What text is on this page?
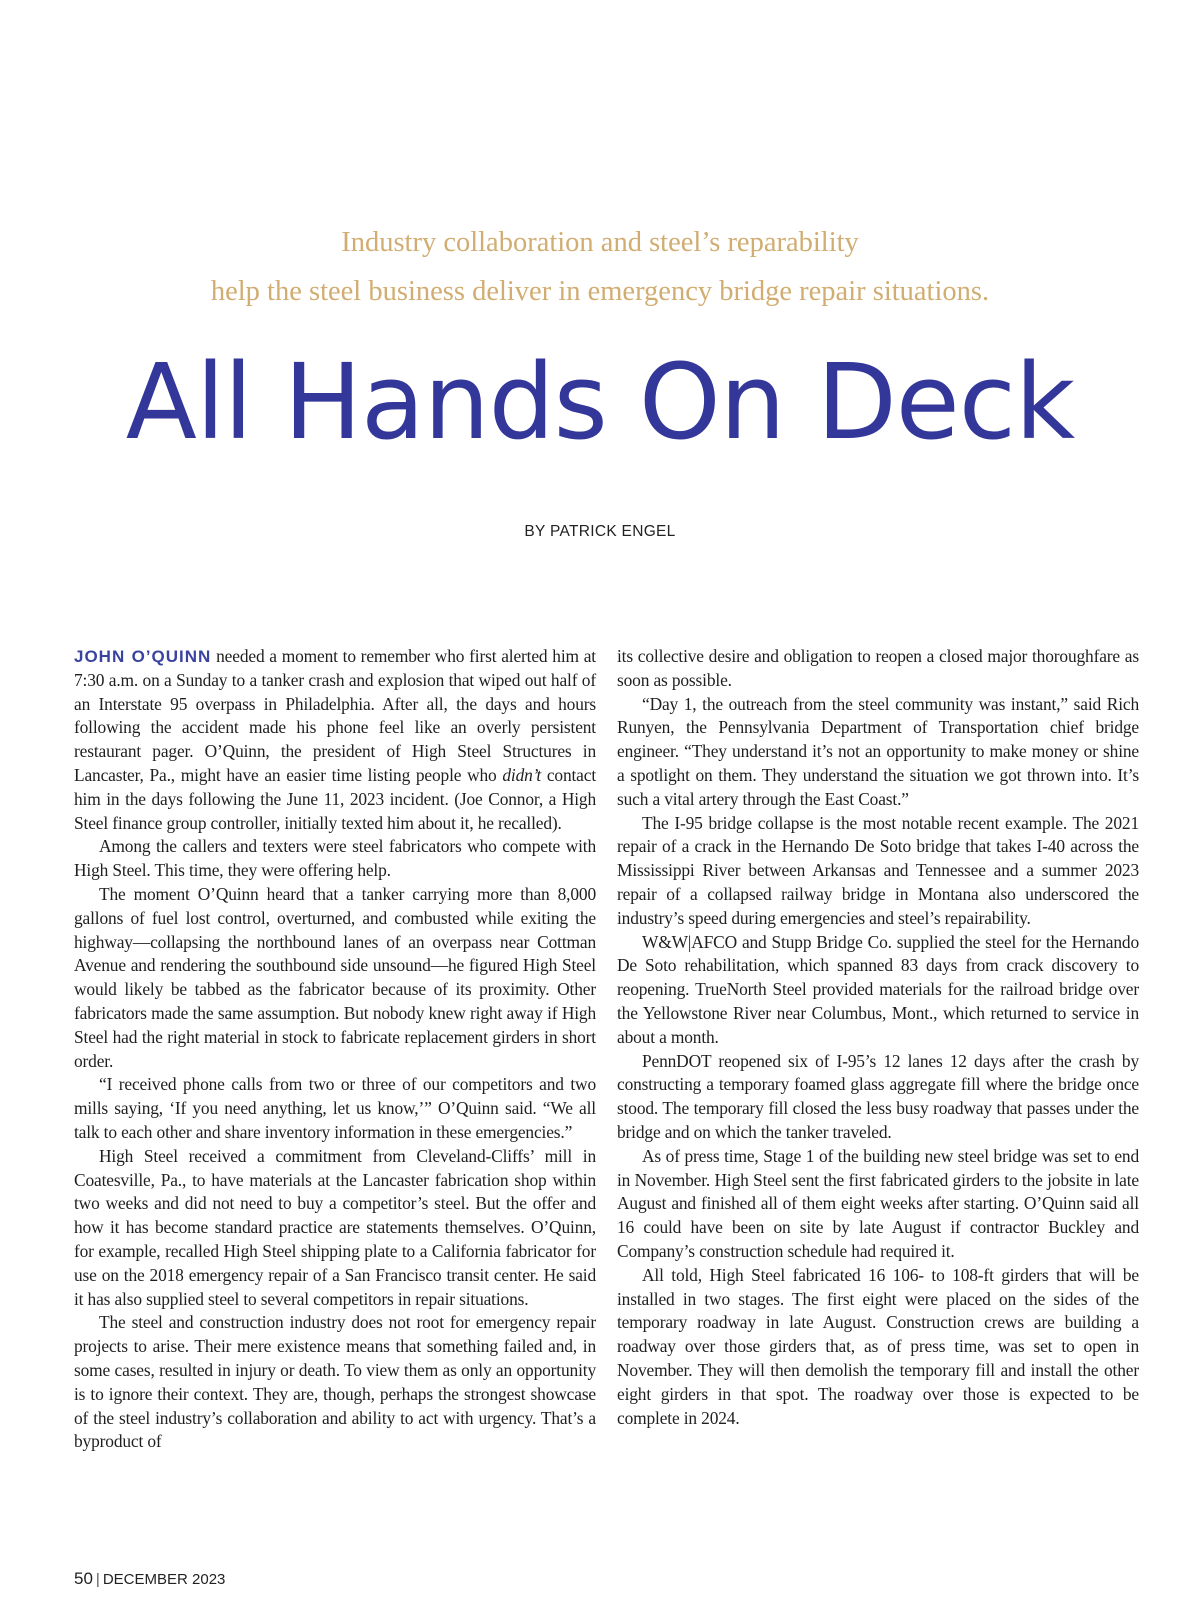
Industry collaboration and steel’s reparability
help the steel business deliver in emergency bridge repair situations.
All Hands On Deck
BY PATRICK ENGEL

JOHN O’QUINN needed a moment to remember who first alerted him at 7:30 a.m. on a Sunday to a tanker crash and explosion that wiped out half of an Interstate 95 overpass in Philadelphia. After all, the days and hours following the accident made his phone feel like an overly persistent restaurant pager. O’Quinn, the president of High Steel Structures in Lancaster, Pa., might have an easier time listing people who didn’t contact him in the days following the June 11, 2023 incident. (Joe Connor, a High Steel finance group controller, initially texted him about it, he recalled).

Among the callers and texters were steel fabricators who compete with High Steel. This time, they were offering help.

The moment O’Quinn heard that a tanker carrying more than 8,000 gallons of fuel lost control, overturned, and combusted while exiting the highway—collapsing the northbound lanes of an overpass near Cottman Avenue and rendering the southbound side unsound—he figured High Steel would likely be tabbed as the fabricator because of its proximity. Other fabricators made the same assumption. But nobody knew right away if High Steel had the right material in stock to fabricate replacement girders in short order.

“I received phone calls from two or three of our competitors and two mills saying, ‘If you need anything, let us know,’” O’Quinn said. “We all talk to each other and share inventory information in these emergencies.”

High Steel received a commitment from Cleveland-Cliffs’ mill in Coatesville, Pa., to have materials at the Lancaster fabrication shop within two weeks and did not need to buy a competitor’s steel. But the offer and how it has become standard practice are statements themselves. O’Quinn, for example, recalled High Steel shipping plate to a California fabricator for use on the 2018 emergency repair of a San Francisco transit center. He said it has also supplied steel to several competitors in repair situations.

The steel and construction industry does not root for emergency repair projects to arise. Their mere existence means that something failed and, in some cases, resulted in injury or death. To view them as only an opportunity is to ignore their context. They are, though, perhaps the strongest showcase of the steel industry’s collaboration and ability to act with urgency. That’s a byproduct of

its collective desire and obligation to reopen a closed major thoroughfare as soon as possible.

“Day 1, the outreach from the steel community was instant,” said Rich Runyen, the Pennsylvania Department of Transportation chief bridge engineer. “They understand it’s not an opportunity to make money or shine a spotlight on them. They understand the situation we got thrown into. It’s such a vital artery through the East Coast.”

The I-95 bridge collapse is the most notable recent example. The 2021 repair of a crack in the Hernando De Soto bridge that takes I-40 across the Mississippi River between Arkansas and Tennessee and a summer 2023 repair of a collapsed railway bridge in Montana also underscored the industry’s speed during emergencies and steel’s repairability.

W&W|AFCO and Stupp Bridge Co. supplied the steel for the Hernando De Soto rehabilitation, which spanned 83 days from crack discovery to reopening. TrueNorth Steel provided materials for the railroad bridge over the Yellowstone River near Columbus, Mont., which returned to service in about a month.

PennDOT reopened six of I-95’s 12 lanes 12 days after the crash by constructing a temporary foamed glass aggregate fill where the bridge once stood. The temporary fill closed the less busy roadway that passes under the bridge and on which the tanker traveled.

As of press time, Stage 1 of the building new steel bridge was set to end in November. High Steel sent the first fabricated girders to the jobsite in late August and finished all of them eight weeks after starting. O’Quinn said all 16 could have been on site by late August if contractor Buckley and Company’s construction schedule had required it.

All told, High Steel fabricated 16 106- to 108-ft girders that will be installed in two stages. The first eight were placed on the sides of the temporary roadway in late August. Construction crews are building a roadway over those girders that, as of press time, was set to open in November. They will then demolish the temporary fill and install the other eight girders in that spot. The roadway over those is expected to be complete in 2024.

50 | DECEMBER 2023
